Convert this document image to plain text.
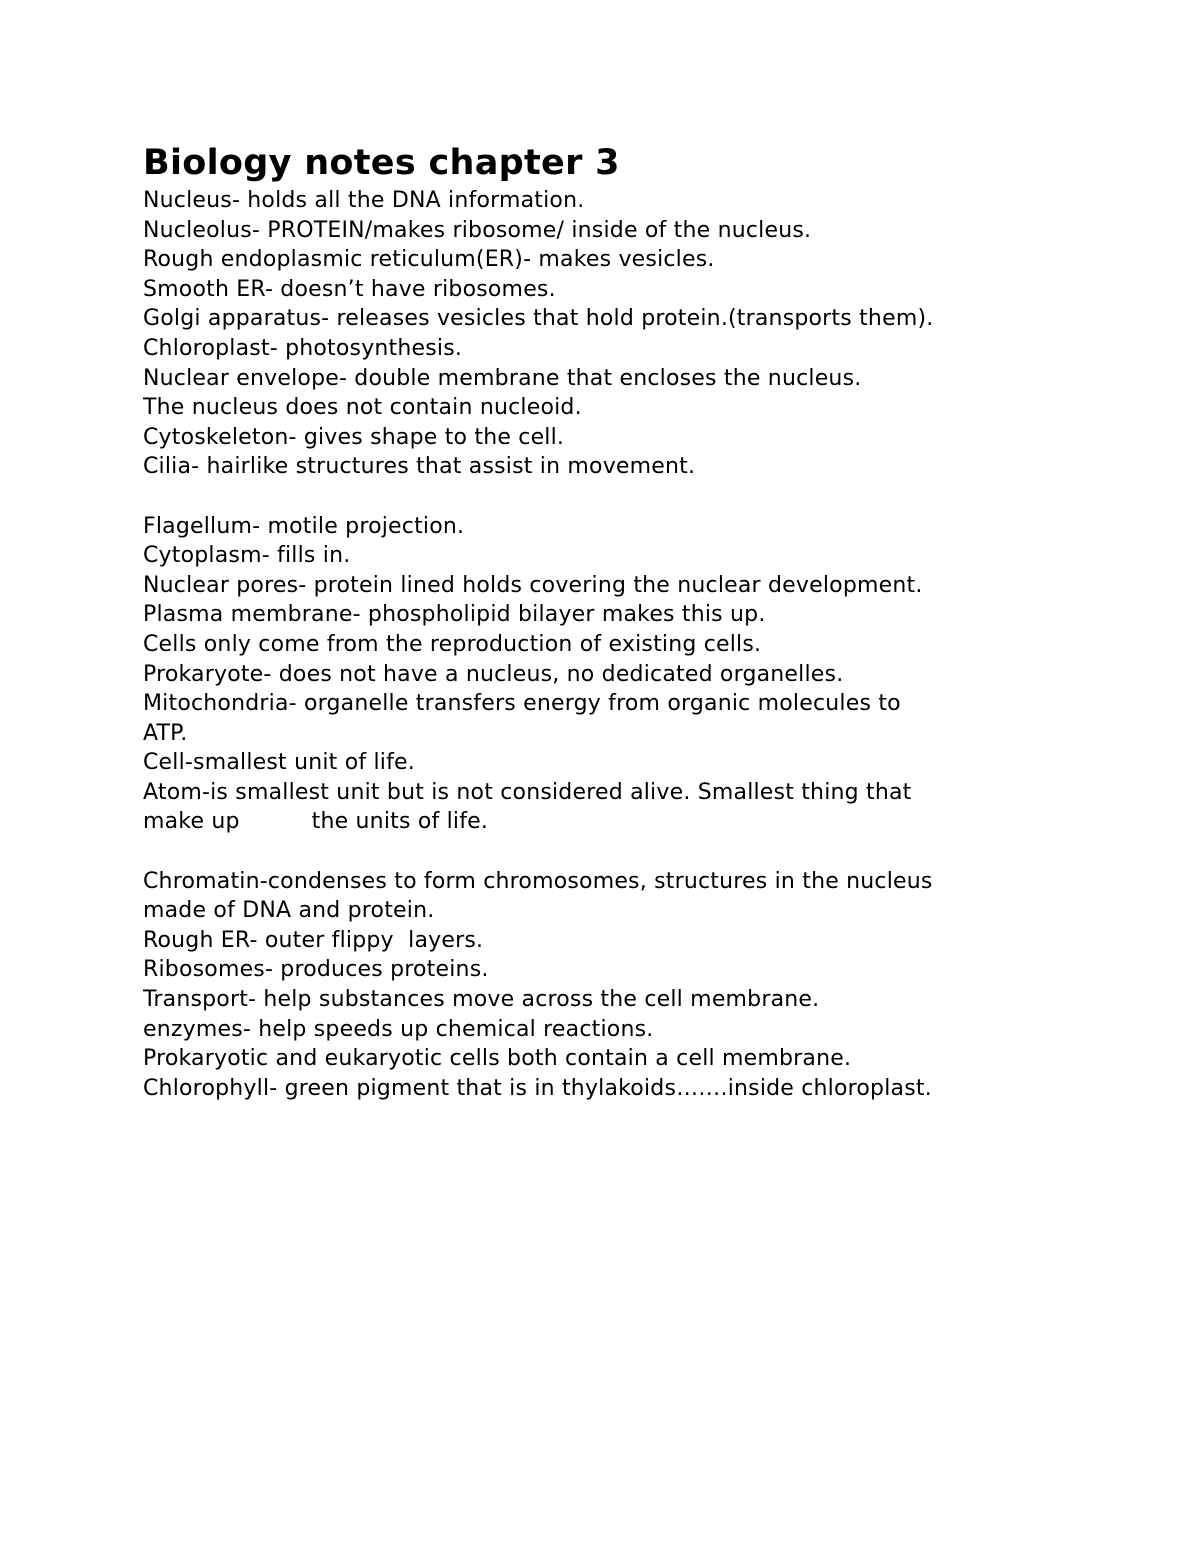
Biology notes chapter 3
Nucleus- holds all the DNA information.
Nucleolus- PROTEIN/makes ribosome/ inside of the nucleus.
Rough endoplasmic reticulum(ER)- makes vesicles.
Smooth ER- doesn’t have ribosomes.
Golgi apparatus- releases vesicles that hold protein.(transports them).
Chloroplast- photosynthesis.
Nuclear envelope- double membrane that encloses the nucleus.
The nucleus does not contain nucleoid.
Cytoskeleton- gives shape to the cell.
Cilia- hairlike structures that assist in movement.
Flagellum- motile projection.
Cytoplasm- fills in.
Nuclear pores- protein lined holds covering the nuclear development.
Plasma membrane- phospholipid bilayer makes this up.
Cells only come from the reproduction of existing cells.
Prokaryote- does not have a nucleus, no dedicated organelles.
Mitochondria- organelle transfers energy from organic molecules to
ATP.
Cell-smallest unit of life.
Atom-is smallest unit but is not considered alive. Smallest thing that
make up          the units of life.
Chromatin-condenses to form chromosomes, structures in the nucleus
made of DNA and protein.
Rough ER- outer flippy  layers.
Ribosomes- produces proteins.
Transport- help substances move across the cell membrane.
enzymes- help speeds up chemical reactions.
Prokaryotic and eukaryotic cells both contain a cell membrane.
Chlorophyll- green pigment that is in thylakoids…….inside chloroplast.
